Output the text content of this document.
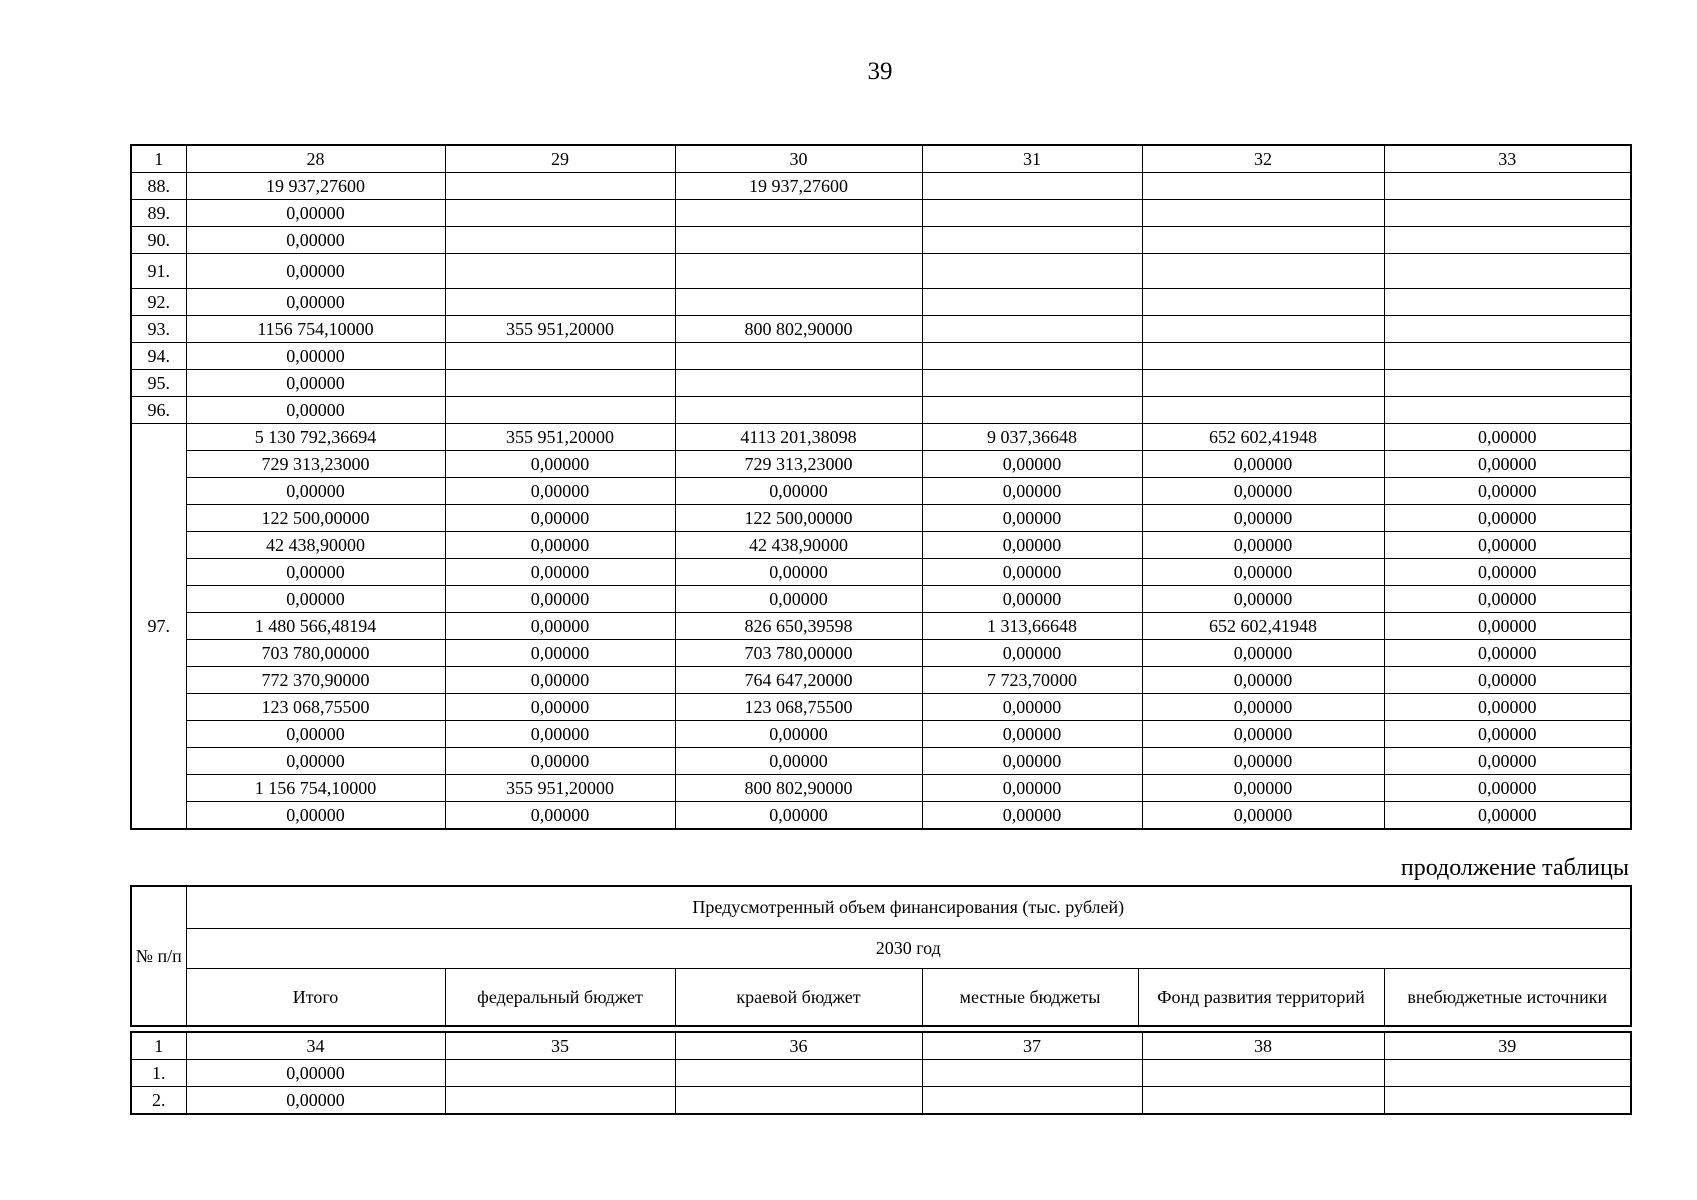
39
1	28	29	30	31	32	33
88.	19 937,27600		19 937,27600			
89.	0,00000					
90.	0,00000					
91.	0,00000					
92.	0,00000					
93.	1156 754,10000	355 951,20000	800 802,90000			
94.	0,00000					
95.	0,00000					
96.	0,00000					
97.	5 130 792,36694	355 951,20000	4113 201,38098	9 037,36648	652 602,41948	0,00000
	729 313,23000	0,00000	729 313,23000	0,00000	0,00000	0,00000
	0,00000	0,00000	0,00000	0,00000	0,00000	0,00000
	122 500,00000	0,00000	122 500,00000	0,00000	0,00000	0,00000
	42 438,90000	0,00000	42 438,90000	0,00000	0,00000	0,00000
	0,00000	0,00000	0,00000	0,00000	0,00000	0,00000
	0,00000	0,00000	0,00000	0,00000	0,00000	0,00000
	1 480 566,48194	0,00000	826 650,39598	1 313,66648	652 602,41948	0,00000
	703 780,00000	0,00000	703 780,00000	0,00000	0,00000	0,00000
	772 370,90000	0,00000	764 647,20000	7 723,70000	0,00000	0,00000
	123 068,75500	0,00000	123 068,75500	0,00000	0,00000	0,00000
	0,00000	0,00000	0,00000	0,00000	0,00000	0,00000
	0,00000	0,00000	0,00000	0,00000	0,00000	0,00000
	1 156 754,10000	355 951,20000	800 802,90000	0,00000	0,00000	0,00000
	0,00000	0,00000	0,00000	0,00000	0,00000	0,00000
продолжение таблицы
№ п/п	Предусмотренный объем финансирования (тыс. рублей)					
	2030 год					
	Итого	федеральный бюджет	краевой бюджет	местные бюджеты	Фонд развития территорий	внебюджетные источники
1	34	35	36	37	38	39
1.	0,00000					
2.	0,00000					
